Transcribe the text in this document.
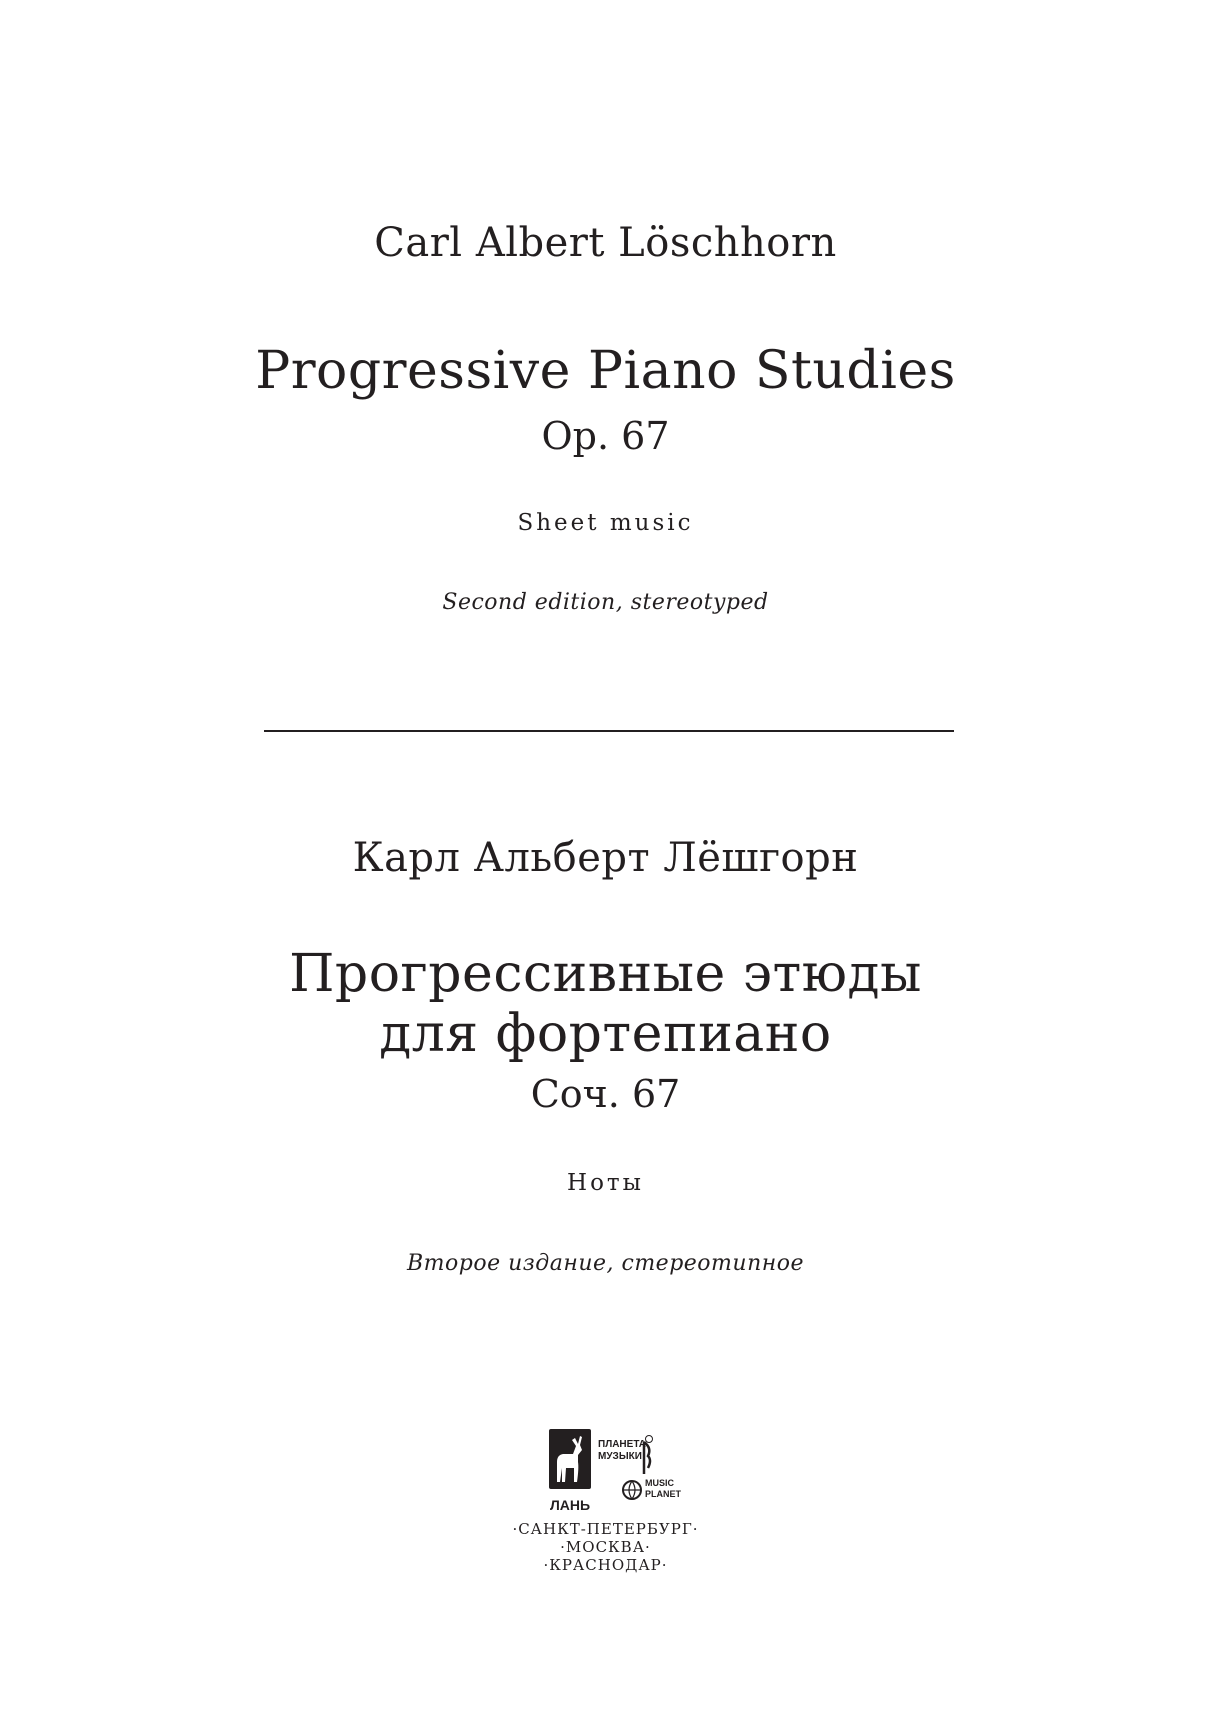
Carl Albert Löschhorn
Progressive Piano Studies
Op. 67
Sheet music
Second edition, stereotyped
Карл Альберт Лёшгорн
Прогрессивные этюды
для фортепиано
Соч. 67
Ноты
Второе издание, стереотипное
ЛАНЬ
ПЛАНЕТА
МУЗЫКИ
MUSIC
PLANET
·САНКТ-ПЕТЕРБУРГ·
·МОСКВА·
·КРАСНОДАР·
